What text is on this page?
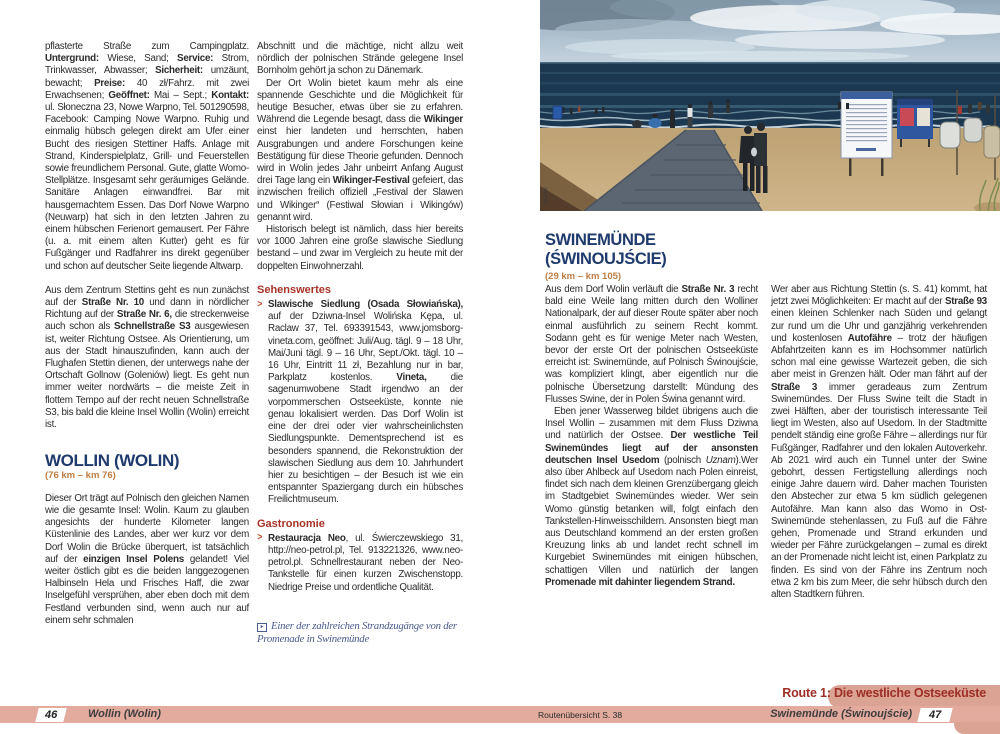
pflasterte Straße zum Campingplatz. Untergrund: Wiese, Sand; Service: Strom, Trinkwasser, Abwasser; Sicherheit: umzäunt, bewacht; Preise: 40 zł/Fahrz. mit zwei Erwachsenen; Geöffnet: Mai – Sept.; Kontakt: ul. Słoneczna 23, Nowe Warpno, Tel. 501290598, Facebook: Camping Nowe Warpno. Ruhig und einmalig hübsch gelegen direkt am Ufer einer Bucht des riesigen Stettiner Haffs. Anlage mit Strand, Kinderspielplatz, Grill- und Feuerstellen sowie freundlichem Personal. Gute, glatte Womo-Stellplätze. Insgesamt sehr geräumiges Gelände. Sanitäre Anlagen einwandfrei. Bar mit hausgemachtem Essen. Das Dorf Nowe Warpno (Neuwarp) hat sich in den letzten Jahren zu einem hübschen Ferienort gemausert. Per Fähre (u. a. mit einem alten Kutter) geht es für Fußgänger und Radfahrer ins direkt gegenüber und schon auf deutscher Seite liegende Altwarp.

Aus dem Zentrum Stettins geht es nun zunächst auf der Straße Nr. 10 und dann in nördlicher Richtung auf der Straße Nr. 6, die streckenweise auch schon als Schnellstraße S3 ausgewiesen ist, weiter Richtung Ostsee. Als Orientierung, um aus der Stadt hinauszufinden, kann auch der Flughafen Stettin dienen, der unterwegs nahe der Ortschaft Gollnow (Goleniów) liegt. Es geht nun immer weiter nordwärts – die meiste Zeit in flottem Tempo auf der recht neuen Schnellstraße S3, bis bald die kleine Insel Wollin (Wolin) erreicht ist.

WOLLIN (WOLIN)
(76 km – km 76)

Dieser Ort trägt auf Polnisch den gleichen Namen wie die gesamte Insel: Wolin. Kaum zu glauben angesichts der hunderte Kilometer langen Küstenlinie des Landes, aber wer kurz vor dem Dorf Wolin die Brücke überquert, ist tatsächlich auf der einzigen Insel Polens gelandet! Viel weiter östlich gibt es die beiden langgezogenen Halbinseln Hela und Frisches Haff, die zwar Inselgefühl versprühen, aber eben doch mit dem Festland verbunden sind, wenn auch nur auf einem sehr schmalen

Abschnitt und die mächtige, nicht allzu weit nördlich der polnischen Strände gelegene Insel Bornholm gehört ja schon zu Dänemark.

Der Ort Wolin bietet kaum mehr als eine spannende Geschichte und die Möglichkeit für heutige Besucher, etwas über sie zu erfahren. Während die Legende besagt, dass die Wikinger einst hier landeten und herrschten, haben Ausgrabungen und andere Forschungen keine Bestätigung für diese Theorie gefunden. Dennoch wird in Wolin jedes Jahr unbeirrt Anfang August drei Tage lang ein Wikinger-Festival gefeiert, das inzwischen freilich offiziell „Festival der Slawen und Wikinger“ (Festiwal Słowian i Wikingów) genannt wird.

Historisch belegt ist nämlich, dass hier bereits vor 1000 Jahren eine große slawische Siedlung bestand – und zwar im Vergleich zu heute mit der doppelten Einwohnerzahl.

Sehenswertes
> Slawische Siedlung (Osada Słowiańska), auf der Dziwna-Insel Wolińska Kępa, ul. Raclaw 37, Tel. 693391543, www.jomsborg-vineta.com, geöffnet: Juli/Aug. tägl. 9 – 18 Uhr, Mai/Juni tägl. 9 – 16 Uhr, Sept./Okt. tägl. 10 – 16 Uhr, Eintritt 11 zł, Bezahlung nur in bar, Parkplatz kostenlos. Vineta, die sagenumwobene Stadt irgendwo an der vorpommerschen Ostseeküste, konnte nie genau lokalisiert werden. Das Dorf Wolin ist eine der drei oder vier wahrscheinlichsten Siedlungspunkte. Dementsprechend ist es besonders spannend, die Rekonstruktion der slawischen Siedlung aus dem 10. Jahrhundert hier zu besichtigen – der Besuch ist wie ein entspannter Spaziergang durch ein hübsches Freilichtmuseum.
Gastronomie
> Restauracja Neo, ul. Świerczewskiego 31, http://neo-petrol.pl, Tel. 913221326, www.neo-petrol.pl. Schnellrestaurant neben der Neo-Tankstelle für einen kurzen Zwischenstopp. Niedrige Preise und ordentliche Qualität.
▸ Einer der zahlreichen Strandzugänge von der Promenade in Swinemünde
tom4000
SWINEMÜNDE (ŚWINOUJŚCIE)
(29 km – km 105)

Aus dem Dorf Wolin verläuft die Straße Nr. 3 recht bald eine Weile lang mitten durch den Wolliner Nationalpark, der auf dieser Route später aber noch einmal ausführlich zu seinem Recht kommt. Sodann geht es für wenige Meter nach Westen, bevor der erste Ort der polnischen Ostseeküste erreicht ist: Swinemünde, auf Polnisch Świnoujście, was kompliziert klingt, aber eigentlich nur die polnische Übersetzung darstellt: Mündung des Flusses Swine, der in Polen Świna genannt wird.

Eben jener Wasserweg bildet übrigens auch die Insel Wollin – zusammen mit dem Fluss Dziwna und natürlich der Ostsee. Der westliche Teil Swinemündes liegt auf der ansonsten deutschen Insel Usedom (polnisch Uznam).Wer also über Ahlbeck auf Usedom nach Polen einreist, findet sich nach dem kleinen Grenzübergang gleich im Stadtgebiet Swinemündes wieder. Wer sein Womo günstig betanken will, folgt einfach den Tankstellen-Hinweisschildern. Ansonsten biegt man aus Deutschland kommend an der ersten großen Kreuzung links ab und landet recht schnell im Kurgebiet Swinemündes mit einigen hübschen, schattigen Villen und natürlich der langen Promenade mit dahinter liegendem Strand.

Wer aber aus Richtung Stettin (s. S. 41) kommt, hat jetzt zwei Möglichkeiten: Er macht auf der Straße 93 einen kleinen Schlenker nach Süden und gelangt zur rund um die Uhr und ganzjährig verkehrenden und kostenlosen Autofähre – trotz der häufigen Abfahrtzeiten kann es im Hochsommer natürlich schon mal eine gewisse Wartezeit geben, die sich aber meist in Grenzen hält. Oder man fährt auf der Straße 3 immer geradeaus zum Zentrum Swinemündes. Der Fluss Swine teilt die Stadt in zwei Hälften, aber der touristisch interessante Teil liegt im Westen, also auf Usedom. In der Stadtmitte pendelt ständig eine große Fähre – allerdings nur für Fußgänger, Radfahrer und den lokalen Autoverkehr. Ab 2021 wird auch ein Tunnel unter der Swine gebohrt, dessen Fertigstellung allerdings noch einige Jahre dauern wird. Daher machen Touristen den Abstecher zur etwa 5 km südlich gelegenen Autofähre. Man kann also das Womo in Ost-Swinemünde stehenlassen, zu Fuß auf die Fähre gehen, Promenade und Strand erkunden und wieder per Fähre zurückgelangen – zumal es direkt an der Promenade nicht leicht ist, einen Parkplatz zu finden. Es sind von der Fähre ins Zentrum noch etwa 2 km bis zum Meer, die sehr hübsch durch den alten Stadtkern führen.

Route 1: Die westliche Ostseeküste
46	Wollin (Wolin)	Routenübersicht S. 38	Swinemünde (Świnoujście) 47
